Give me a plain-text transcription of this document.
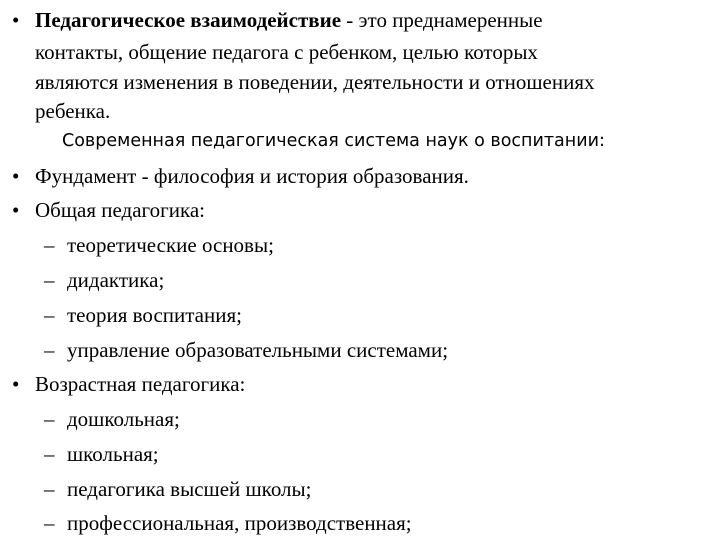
• Педагогическое взаимодействие - это преднамеренные
контакты, общение педагога с ребенком, целью которых
являются изменения в поведении, деятельности и отношениях
ребенка.
Современная педагогическая система наук о воспитании:
• Фундамент - философия и история образования.
• Общая педагогика:
– теоретические основы;
– дидактика;
– теория воспитания;
– управление образовательными системами;
• Возрастная педагогика:
– дошкольная;
– школьная;
– педагогика высшей школы;
– профессиональная, производственная;
